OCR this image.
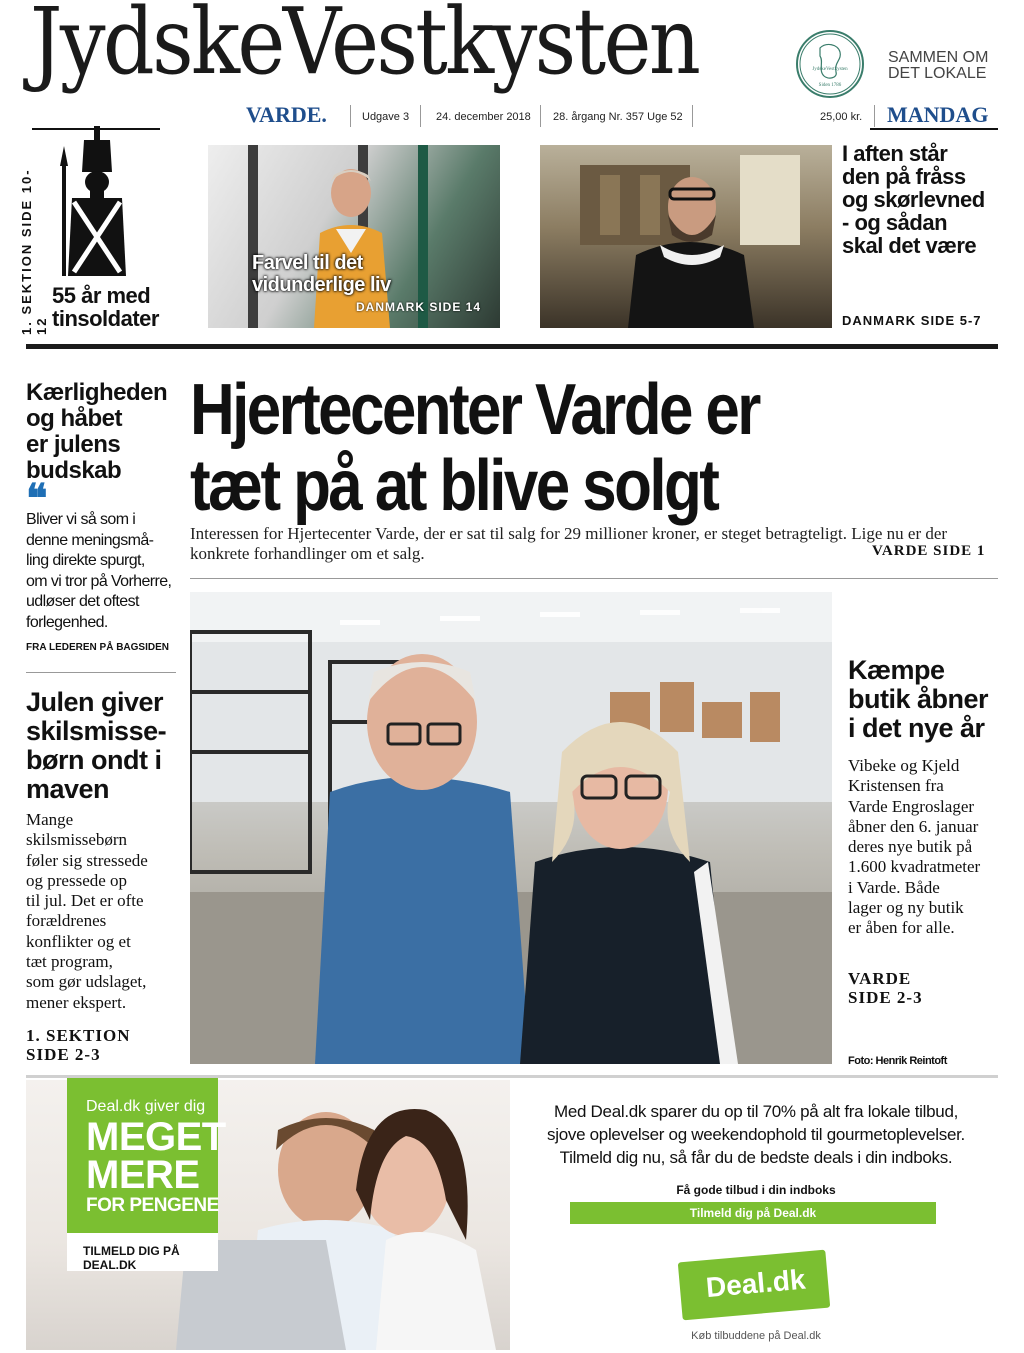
JydskeVestkysten	JydskeVestkysten
Siden 1786
SAMMEN OM
DET LOKALE
VARDE.	Udgave 3 24. december 2018 28. årgang Nr. 357 Uge 52	25,00 kr. MANDAG
1. SEKTION SIDE 10-12
55 år med
tinsoldater
Farvel til det
vidunderlige liv
DANMARK SIDE 14
I aften står
den på fråss
og skørlevned
- og sådan
skal det være
DANMARK SIDE 5-7
Kærligheden
og håbet
er julens
budskab
❝
Bliver vi så som i
denne meningsmå-
ling direkte spurgt,
om vi tror på Vorherre,
udløser det oftest
forlegenhed.
FRA LEDEREN PÅ BAGSIDEN
Julen giver
skilsmisse-
børn ondt i
maven
Mange
skilsmissebørn
føler sig stressede
og pressede op
til jul. Det er ofte
forældrenes
konflikter og et
tæt program,
som gør udslaget,
mener ekspert.
1. SEKTION
SIDE 2-3
Hjertecenter Varde er
tæt på at blive solgt
Interessen for Hjertecenter Varde, der er sat til salg for 29 millioner kroner, er steget betragteligt. Lige nu er der konkrete forhandlinger om et salg.	VARDE SIDE 1
Foto: Henrik Reintoft
Kæmpe
butik åbner
i det nye år
Vibeke og Kjeld
Kristensen fra
Varde Engroslager
åbner den 6. januar
deres nye butik på
1.600 kvadratmeter
i Varde. Både
lager og ny butik
er åben for alle.
VARDE
SIDE 2-3
Deal.dk giver dig
MEGET
MERE
FOR PENGENE
TILMELD DIG PÅ DEAL.DK
Med Deal.dk sparer du op til 70% på alt fra lokale tilbud,
sjove oplevelser og weekendophold til gourmetoplevelser.
Tilmeld dig nu, så får du de bedste deals i din indboks.
Få gode tilbud i din indboks
Tilmeld dig på Deal.dk
Deal.dk
Køb tilbuddene på Deal.dk
